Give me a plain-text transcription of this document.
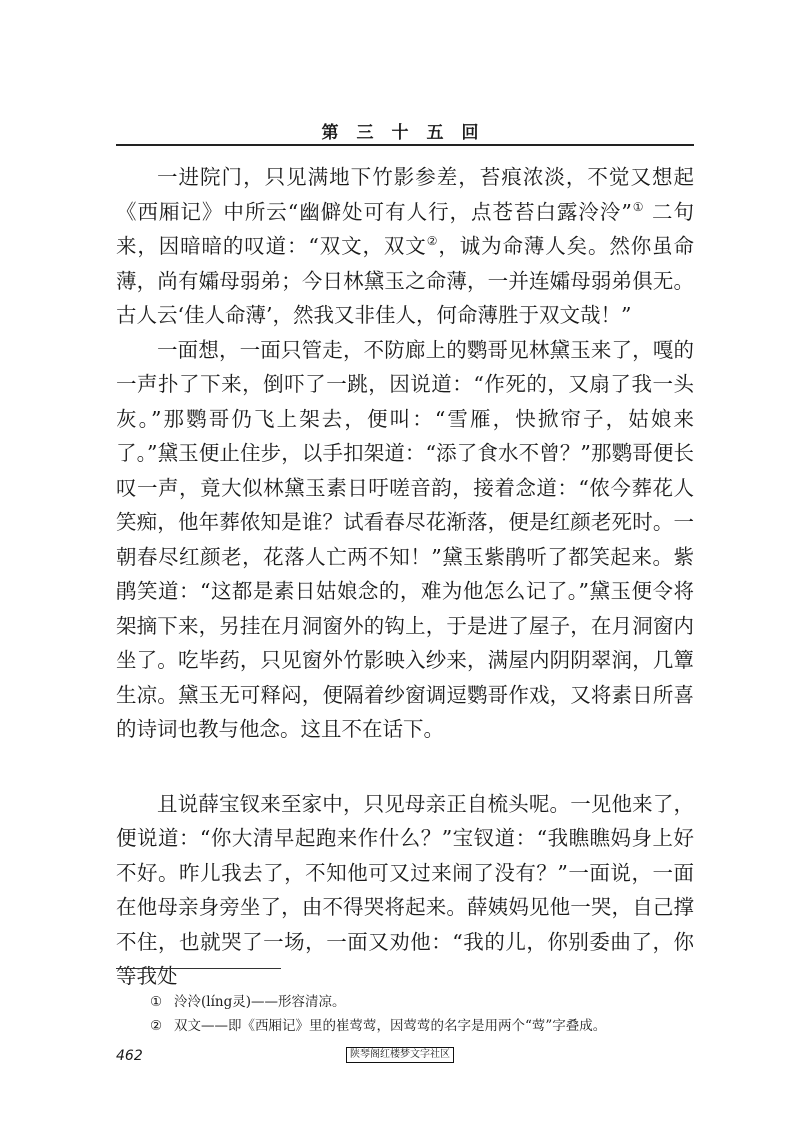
第三十五回

一进院门，只见满地下竹影参差，苔痕浓淡，不觉又想起《西厢记》中所云“幽僻处可有人行，点苍苔白露泠泠”① 二句来，因暗暗的叹道：“双文，双文②，诚为命薄人矣。然你虽命薄，尚有孀母弱弟；今日林黛玉之命薄，一并连孀母弱弟俱无。古人云‘佳人命薄’，然我又非佳人，何命薄胜于双文哉！”

一面想，一面只管走，不防廊上的鹦哥见林黛玉来了，嘎的一声扑了下来，倒吓了一跳，因说道：“作死的，又扇了我一头灰。”那鹦哥仍飞上架去，便叫：“雪雁，快掀帘子，姑娘来了。”黛玉便止住步，以手扣架道：“添了食水不曾？”那鹦哥便长叹一声，竟大似林黛玉素日吁嗟音韵，接着念道：“侬今葬花人笑痴，他年葬侬知是谁？试看春尽花渐落，便是红颜老死时。一朝春尽红颜老，花落人亡两不知！”黛玉紫鹃听了都笑起来。紫鹃笑道：“这都是素日姑娘念的，难为他怎么记了。”黛玉便令将架摘下来，另挂在月洞窗外的钩上，于是进了屋子，在月洞窗内坐了。吃毕药，只见窗外竹影映入纱来，满屋内阴阴翠润，几簟生凉。黛玉无可释闷，便隔着纱窗调逗鹦哥作戏，又将素日所喜的诗词也教与他念。这且不在话下。

且说薛宝钗来至家中，只见母亲正自梳头呢。一见他来了，便说道：“你大清早起跑来作什么？”宝钗道：“我瞧瞧妈身上好不好。昨儿我去了，不知他可又过来闹了没有？”一面说，一面在他母亲身旁坐了，由不得哭将起来。薛姨妈见他一哭，自己撑不住，也就哭了一场，一面又劝他：“我的儿，你别委曲了，你等我处

① 泠泠(líng灵)——形容清凉。
② 双文——即《西厢记》里的崔莺莺，因莺莺的名字是用两个“莺”字叠成。
462	陕琴阁红楼梦文字社区
